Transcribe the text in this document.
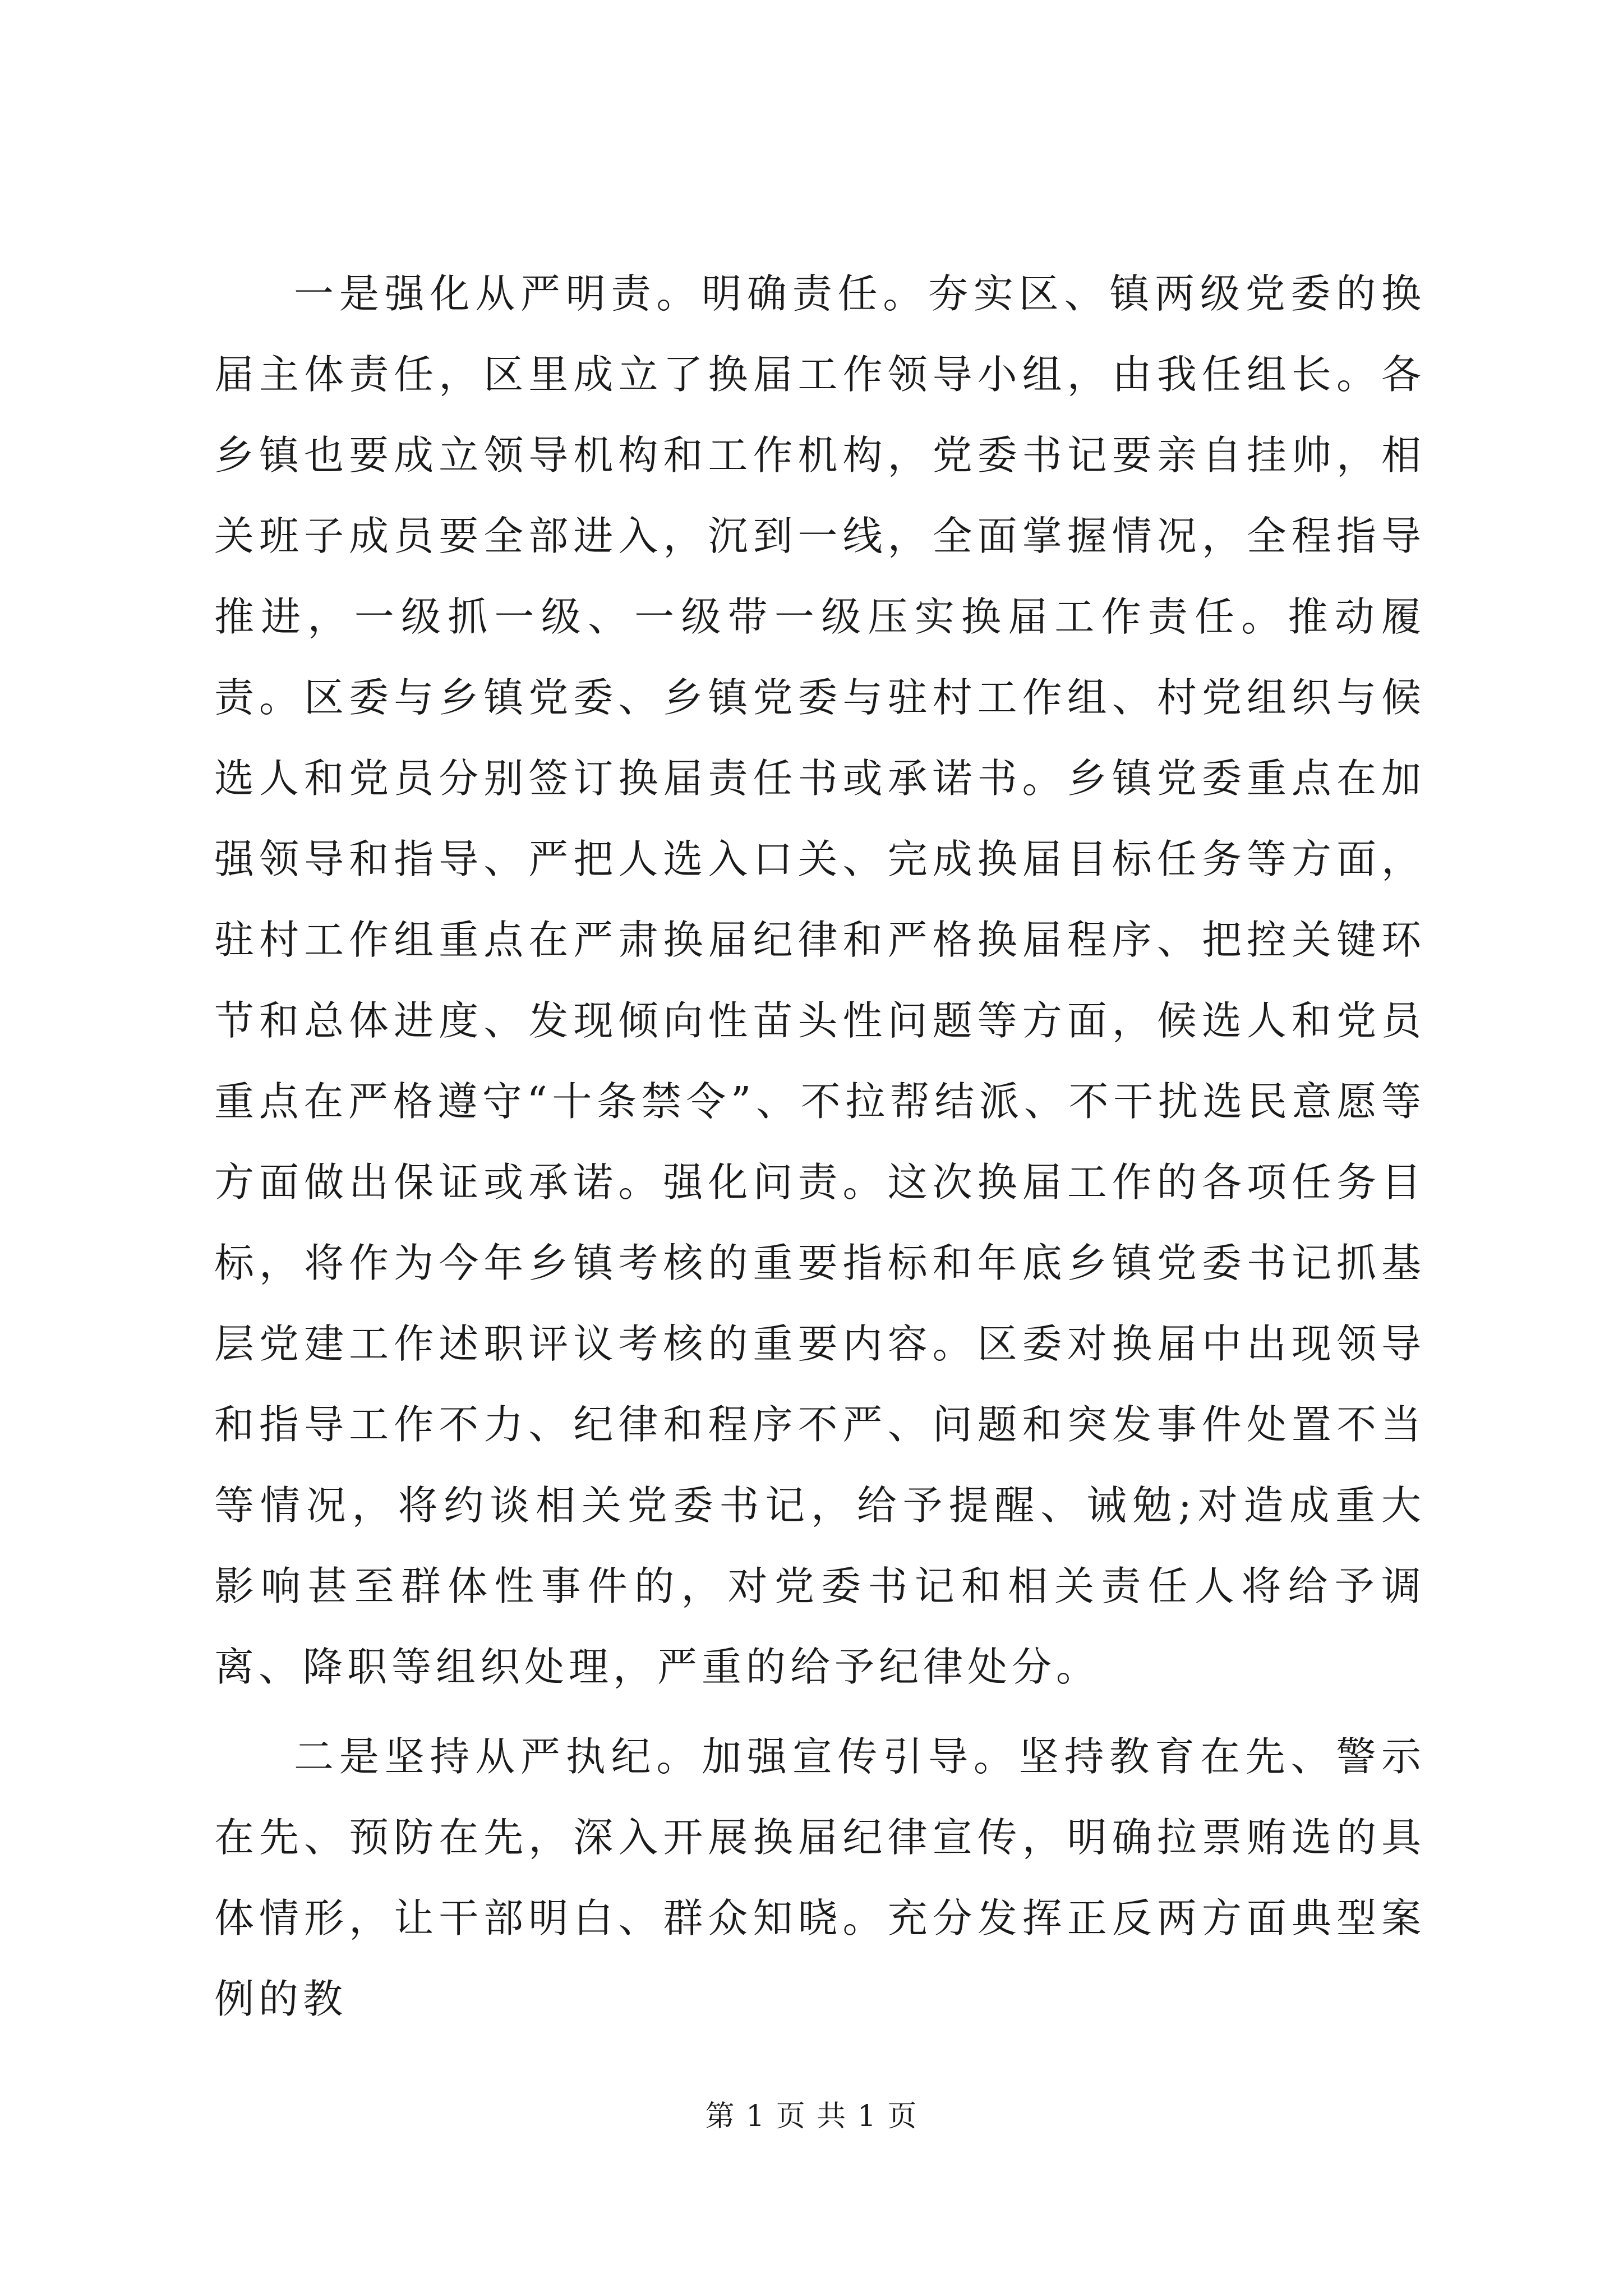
一是强化从严明责。明确责任。夯实区、镇两级党委的换届主体责任，区里成立了换届工作领导小组，由我任组长。各乡镇也要成立领导机构和工作机构，党委书记要亲自挂帅，相关班子成员要全部进入，沉到一线，全面掌握情况，全程指导推进，一级抓一级、一级带一级压实换届工作责任。推动履责。区委与乡镇党委、乡镇党委与驻村工作组、村党组织与候选人和党员分别签订换届责任书或承诺书。乡镇党委重点在加强领导和指导、严把人选入口关、完成换届目标任务等方面，驻村工作组重点在严肃换届纪律和严格换届程序、把控关键环节和总体进度、发现倾向性苗头性问题等方面，候选人和党员重点在严格遵守“十条禁令”、不拉帮结派、不干扰选民意愿等方面做出保证或承诺。强化问责。这次换届工作的各项任务目标，将作为今年乡镇考核的重要指标和年底乡镇党委书记抓基层党建工作述职评议考核的重要内容。区委对换届中出现领导和指导工作不力、纪律和程序不严、问题和突发事件处置不当等情况，将约谈相关党委书记，给予提醒、诫勉;对造成重大影响甚至群体性事件的，对党委书记和相关责任人将给予调离、降职等组织处理，严重的给予纪律处分。

二是坚持从严执纪。加强宣传引导。坚持教育在先、警示在先、预防在先，深入开展换届纪律宣传，明确拉票贿选的具体情形，让干部明白、群众知晓。充分发挥正反两方面典型案例的教

第 1 页 共 1 页
